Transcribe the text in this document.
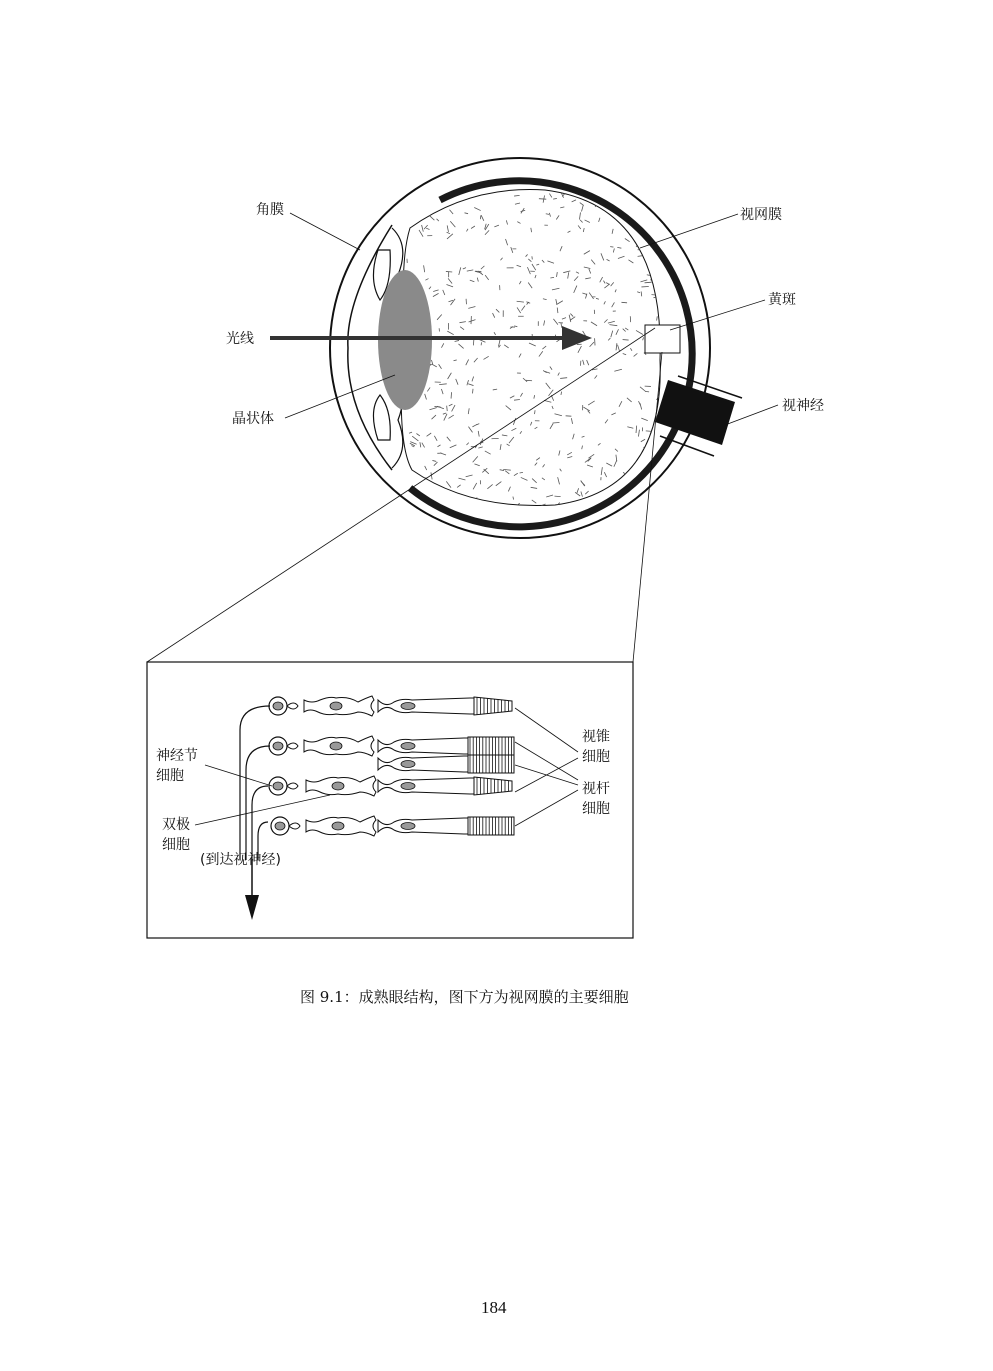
角膜	视网膜
黄斑
光线
视神经
晶状体
视锥
细胞
视杆
细胞
神经节
细胞
双极
细胞
(到达视神经)
图 9.1：成熟眼结构，图下方为视网膜的主要细胞
184
